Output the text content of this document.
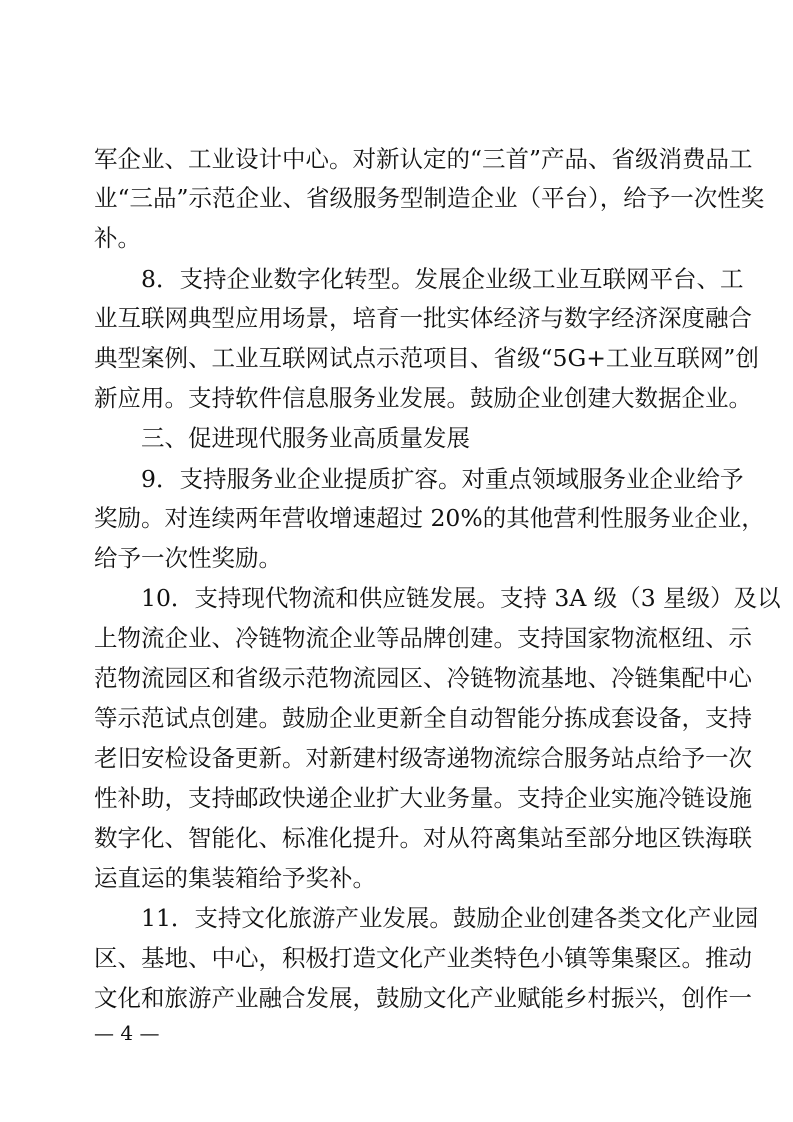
军企业、工业设计中心。对新认定的“三首”产品、省级消费品工
业“三品”示范企业、省级服务型制造企业（平台），给予一次性奖
补。
8．支持企业数字化转型。发展企业级工业互联网平台、工
业互联网典型应用场景，培育一批实体经济与数字经济深度融合
典型案例、工业互联网试点示范项目、省级“5G+工业互联网”创
新应用。支持软件信息服务业发展。鼓励企业创建大数据企业。
三、促进现代服务业高质量发展
9．支持服务业企业提质扩容。对重点领域服务业企业给予
奖励。对连续两年营收增速超过 20%的其他营利性服务业企业，
给予一次性奖励。
10．支持现代物流和供应链发展。支持 3A 级（3 星级）及以
上物流企业、冷链物流企业等品牌创建。支持国家物流枢纽、示
范物流园区和省级示范物流园区、冷链物流基地、冷链集配中心
等示范试点创建。鼓励企业更新全自动智能分拣成套设备，支持
老旧安检设备更新。对新建村级寄递物流综合服务站点给予一次
性补助，支持邮政快递企业扩大业务量。支持企业实施冷链设施
数字化、智能化、标准化提升。对从符离集站至部分地区铁海联
运直运的集装箱给予奖补。
11．支持文化旅游产业发展。鼓励企业创建各类文化产业园
区、基地、中心，积极打造文化产业类特色小镇等集聚区。推动
文化和旅游产业融合发展，鼓励文化产业赋能乡村振兴，创作一
— 4 —
